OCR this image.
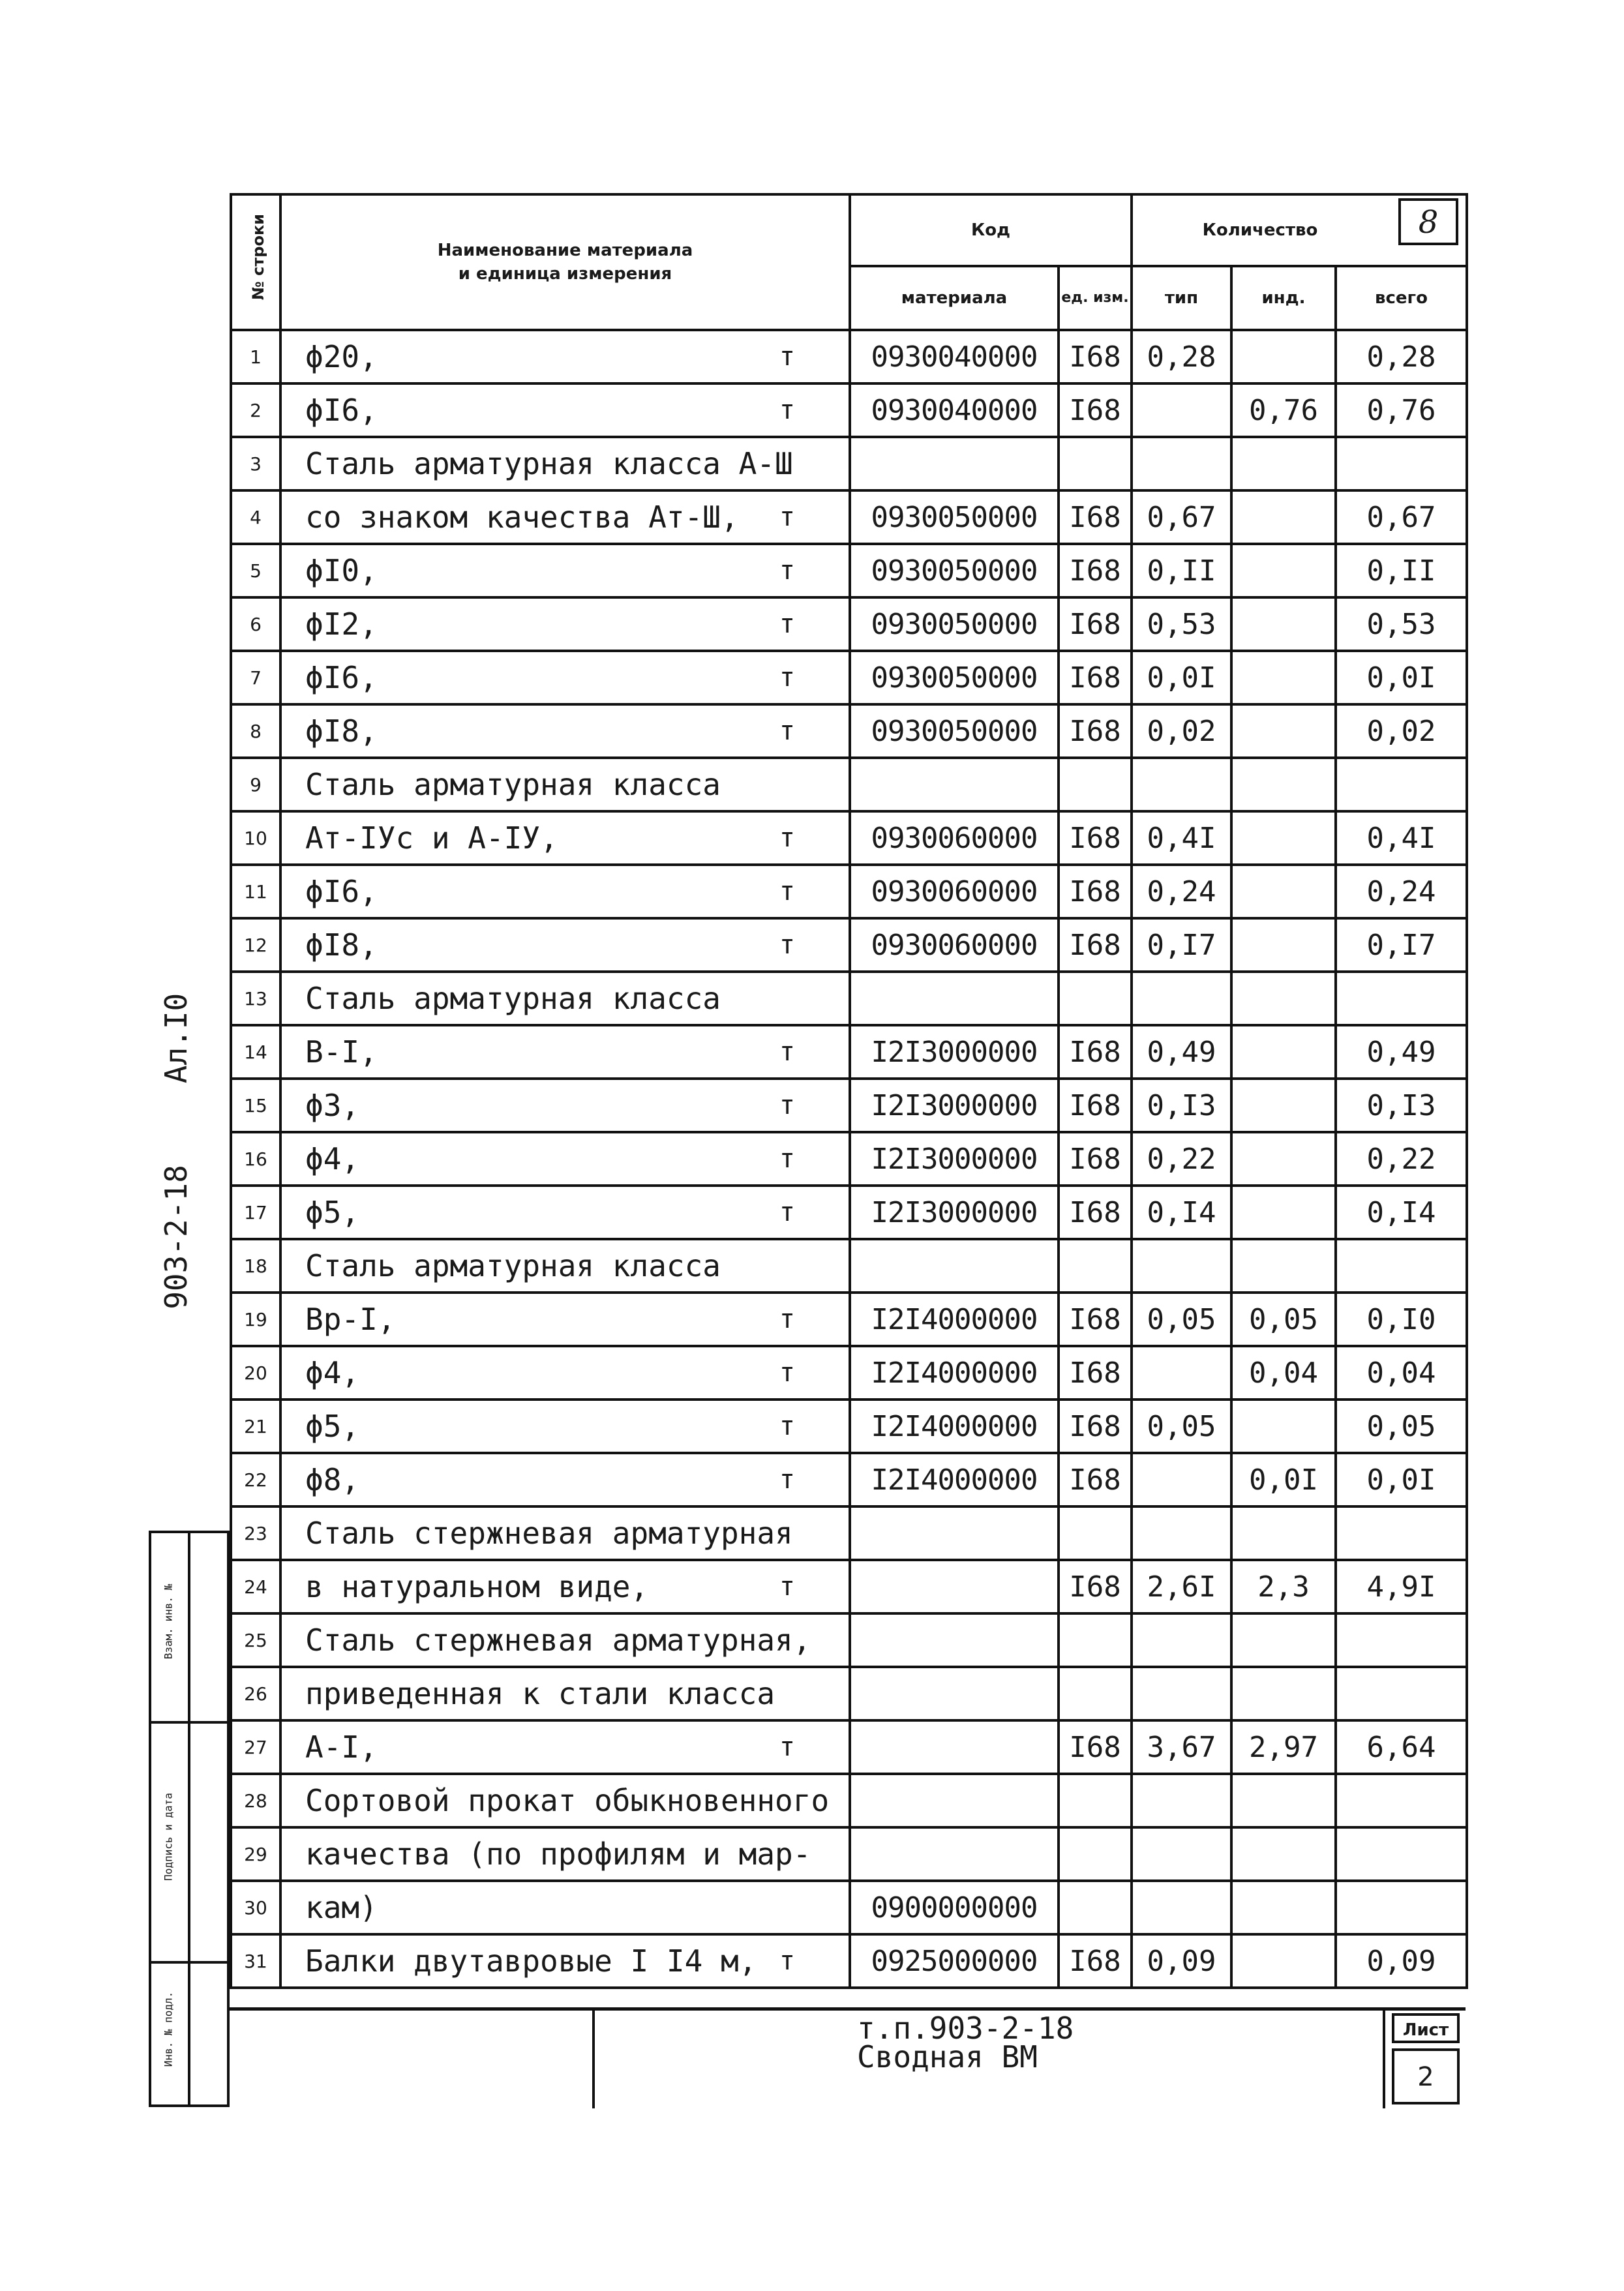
№ строки	Наименование материала
и единица измерения	Код		Количество		
		материала	ед. изм.	тип	инд.	всего
1	ϕ20, т	0930040000	I68	0,28		0,28
2	ϕI6, т	0930040000	I68		0,76	0,76
3	Сталь арматурная класса А-Ш

4	со знаком качества Ат-Ш, т	0930050000	I68	0,67		0,67
5	ϕI0, т	0930050000	I68	0,II		0,II
6	ϕI2, т	0930050000	I68	0,53		0,53
7	ϕI6, т	0930050000	I68	0,0I		0,0I
8	ϕI8, т	0930050000	I68	0,02		0,02
9	Сталь арматурная класса

10	Ат-IУс и А-IУ, т	0930060000	I68	0,4I		0,4I
11	ϕI6, т	0930060000	I68	0,24		0,24
12	ϕI8, т	0930060000	I68	0,I7		0,I7
13	Сталь арматурная класса

14	В-I, т	I2I3000000	I68	0,49		0,49
15	ϕ3, т	I2I3000000	I68	0,I3		0,I3
16	ϕ4, т	I2I3000000	I68	0,22		0,22
17	ϕ5, т	I2I3000000	I68	0,I4		0,I4
18	Сталь арматурная класса

19	Вр-I, т	I2I4000000	I68	0,05	0,05	0,I0
20	ϕ4, т	I2I4000000	I68		0,04	0,04
21	ϕ5, т	I2I4000000	I68	0,05		0,05
22	ϕ8, т	I2I4000000	I68		0,0I	0,0I
23	Сталь стержневая арматурная

24	в натуральном виде, т		I68	2,6I	2,3	4,9I
25	Сталь стержневая арматурная,

26	приведенная к стали класса

27	А-I, т		I68	3,67	2,97	6,64
28	Сортовой прокат обыкновенного

29	качества (по профилям и мар-

30	кам)	0900000000				
31	Балки двутавровые I I4 м, т	0925000000	I68	0,09		0,09
8
т.п.903-2-18
Сводная ВМ
Лист
2
Ал.I0
903-2-18
Взам. инв. №
Подпись и дата
Инв. № подл.
